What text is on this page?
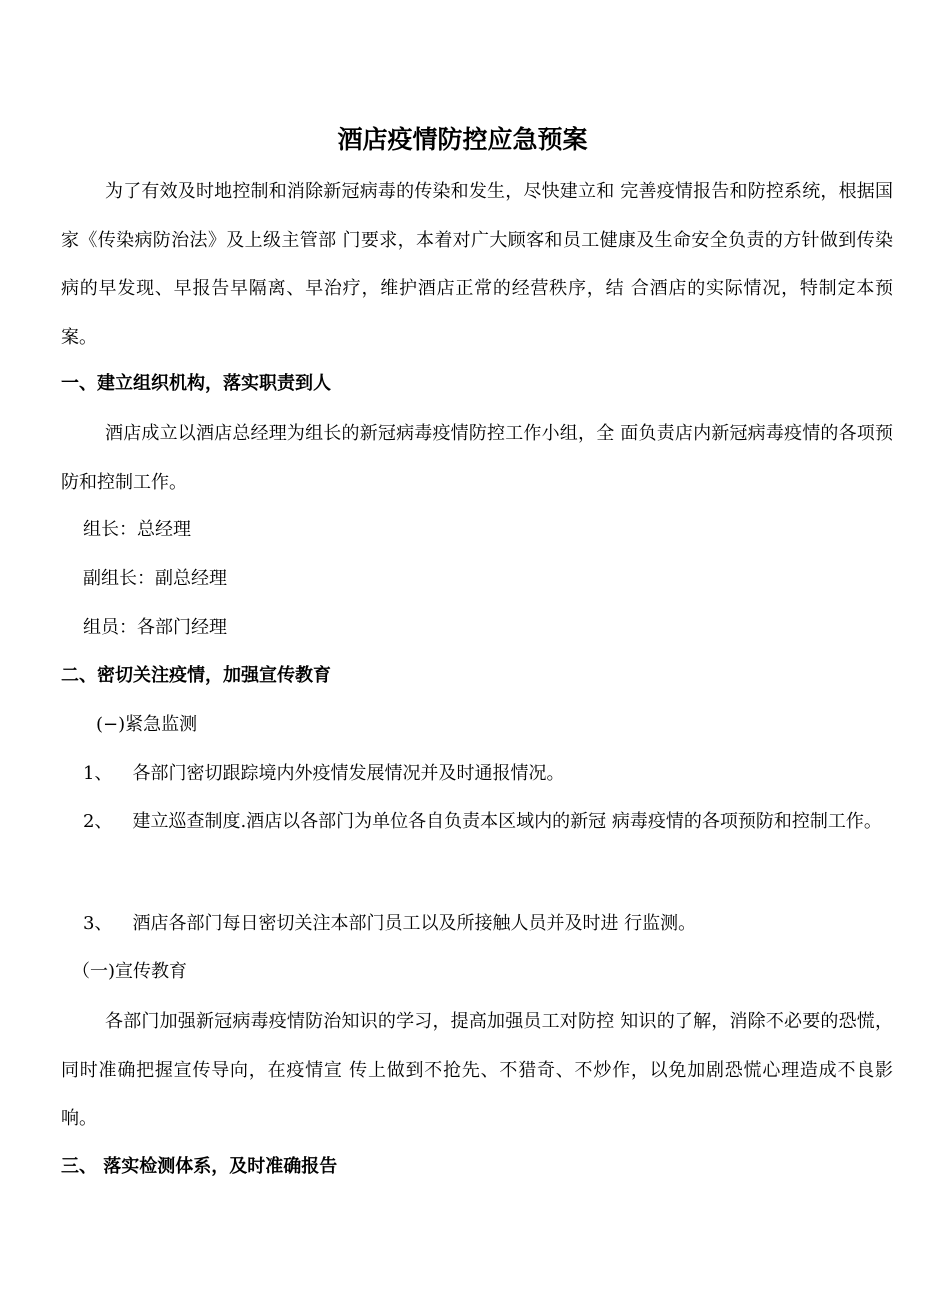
酒店疫情防控应急预案

为了有效及时地控制和消除新冠病毒的传染和发生，尽快建立和 完善疫情报告和防控系统，根据国家《传染病防治法》及上级主管部 门要求，本着对广大顾客和员工健康及生命安全负责的方针做到传染 病的早发现、早报告早隔离、早治疗，维护酒店正常的经营秩序，结 合酒店的实际情况，特制定本预案。

一、建立组织机构，落实职责到人

酒店成立以酒店总经理为组长的新冠病毒疫情防控工作小组，全 面负责店内新冠病毒疫情的各项预防和控制工作。

组长：总经理

副组长：副总经理

组员：各部门经理

二、密切关注疫情，加强宣传教育

(−)紧急监测

1、 各部门密切跟踪境内外疫情发展情况并及时通报情况。

2、 建立巡查制度.酒店以各部门为单位各自负责本区域内的新冠 病毒疫情的各项预防和控制工作。

3、 酒店各部门每日密切关注本部门员工以及所接触人员并及时进 行监测。

（一)宣传教育

各部门加强新冠病毒疫情防治知识的学习，提高加强员工对防控 知识的了解，消除不必要的恐慌，同时准确把握宣传导向，在疫情宣 传上做到不抢先、不猎奇、不炒作，以免加剧恐慌心理造成不良影响。

三、 落实检测体系，及时准确报告
